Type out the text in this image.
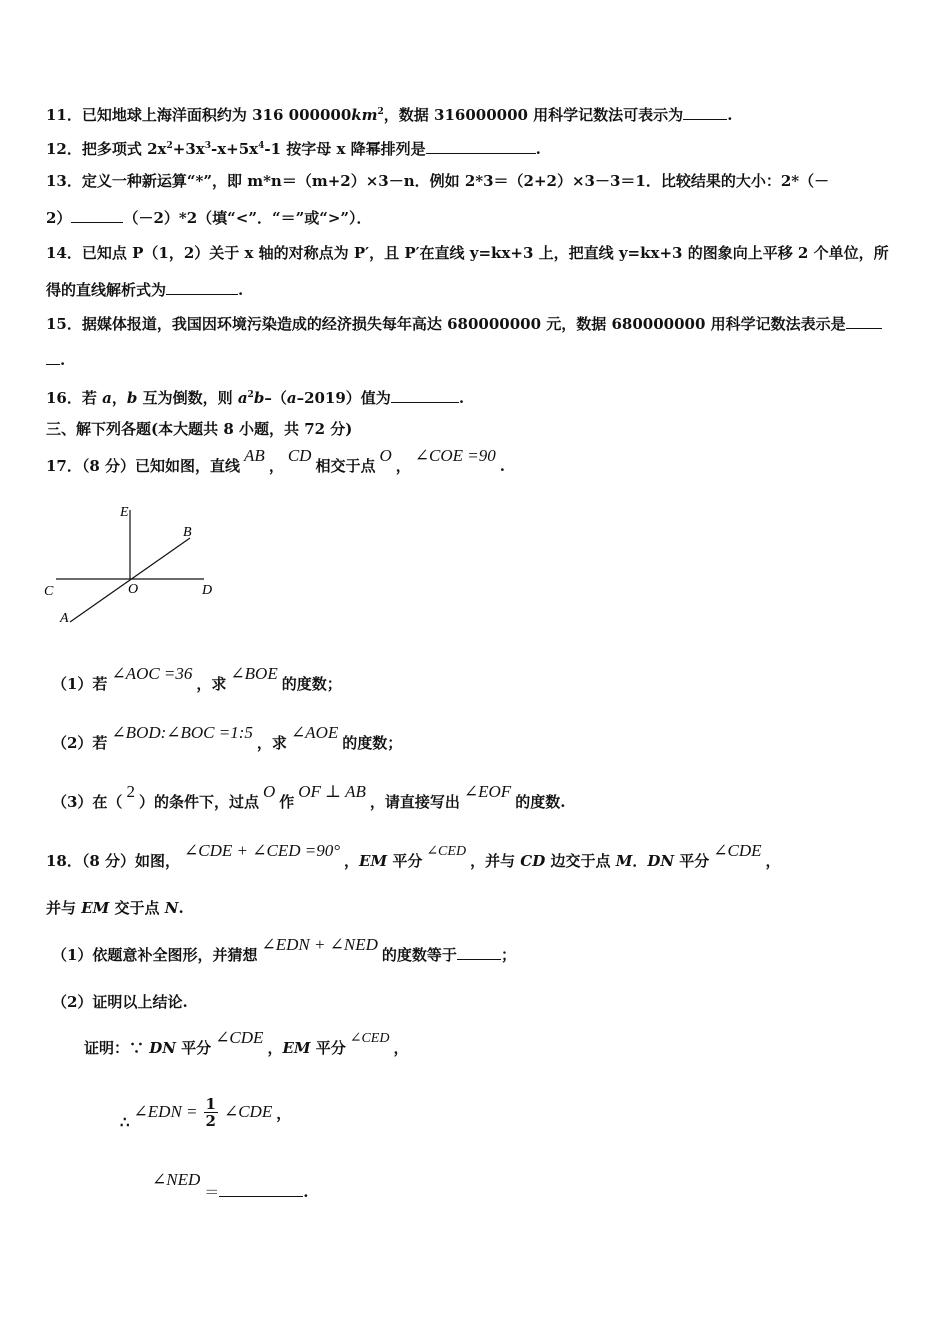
11．已知地球上海洋面积约为 316 $000000km^2$，数据 316000000 用科学记数法可表示为	.
12．把多项式 $2x^2+3x^3-x+5x^4-1$ 按字母 x 降幂排列是	.
13．定义一种新运算“*”，即 m*n＝（m+2）×3－n．例如 2*3＝（2+2）×3－3＝1．比较结果的大小：2*（－
2）	（－2）*2（填“<”．“＝”或“>”）．
14．已知点 P（1，2）关于 x 轴的对称点为 P′，且 P′在直线 y=kx+3 上，把直线 y=kx+3 的图象向上平移 2 个单位，所
得的直线解析式为	.
15．据媒体报道，我国因环境污染造成的经济损失每年高达 680000000 元，数据 680000000 用科学记数法表示是
.
16．若 a，b 互为倒数，则 $a^2b-(a-2019)$值为	.
三、解下列各题(本大题共 8 小题，共 72 分)
17．（8 分）已知如图，直线AB，CD相交于点O，∠COE =90.
E
B
C	O	D
A
（1）若∠AOC =36，求∠BOE的度数；
（2）若∠BOD:∠BOC =1:5，求∠AOE的度数；
（3）在（2）的条件下，过点O作OF ⊥ AB，请直接写出∠EOF的度数.
18．（8 分）如图，∠CDE + ∠CED =90°，EM 平分∠CED，并与 CD 边交于点 M．DN 平分∠CDE，
并与 EM 交于点 N.
（1）依题意补全图形，并猜想∠EDN + ∠NED的度数等于	；
（2）证明以上结论.
证明：∵ DN 平分∠CDE，EM 平分∠CED，
∴∠EDN = $\frac{1}{2}$ ∠CDE ，
∠NED＝	.
